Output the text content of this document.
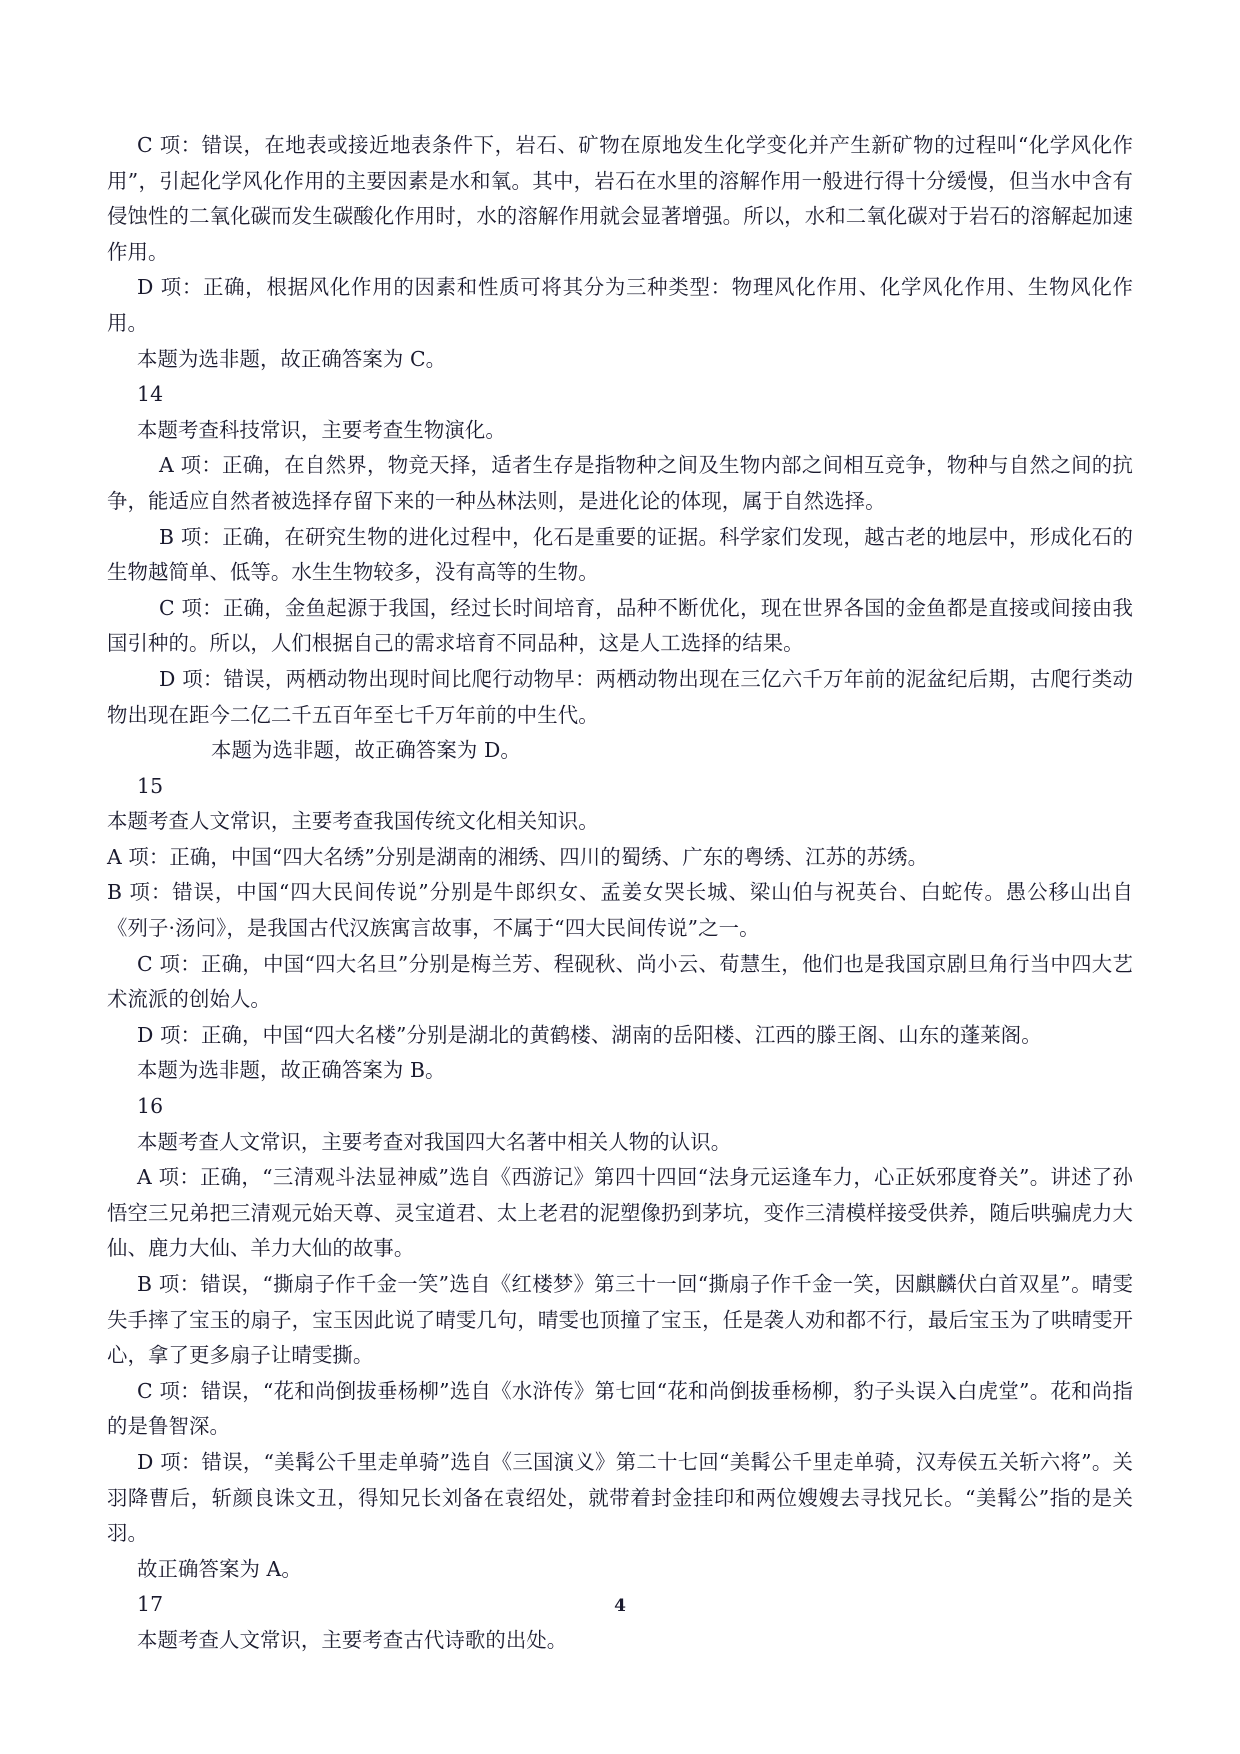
C 项：错误，在地表或接近地表条件下，岩石、矿物在原地发生化学变化并产生新矿物的过程叫“化学风化作用”，引起化学风化作用的主要因素是水和氧。其中，岩石在水里的溶解作用一般进行得十分缓慢，但当水中含有侵蚀性的二氧化碳而发生碳酸化作用时，水的溶解作用就会显著增强。所以，水和二氧化碳对于岩石的溶解起加速作用。

D 项：正确，根据风化作用的因素和性质可将其分为三种类型：物理风化作用、化学风化作用、生物风化作用。

本题为选非题，故正确答案为 C。

14

本题考查科技常识，主要考查生物演化。

A 项：正确，在自然界，物竞天择，适者生存是指物种之间及生物内部之间相互竞争，物种与自然之间的抗争，能适应自然者被选择存留下来的一种丛林法则，是进化论的体现，属于自然选择。

B 项：正确，在研究生物的进化过程中，化石是重要的证据。科学家们发现，越古老的地层中，形成化石的生物越简单、低等。水生生物较多，没有高等的生物。

C 项：正确，金鱼起源于我国，经过长时间培育，品种不断优化，现在世界各国的金鱼都是直接或间接由我国引种的。所以，人们根据自己的需求培育不同品种，这是人工选择的结果。

D 项：错误，两栖动物出现时间比爬行动物早：两栖动物出现在三亿六千万年前的泥盆纪后期，古爬行类动物出现在距今二亿二千五百年至七千万年前的中生代。

本题为选非题，故正确答案为 D。

15

本题考查人文常识，主要考查我国传统文化相关知识。

A 项：正确，中国“四大名绣”分别是湖南的湘绣、四川的蜀绣、广东的粤绣、江苏的苏绣。

B 项：错误，中国“四大民间传说”分别是牛郎织女、孟姜女哭长城、梁山伯与祝英台、白蛇传。愚公移山出自《列子·汤问》，是我国古代汉族寓言故事，不属于“四大民间传说”之一。

C 项：正确，中国“四大名旦”分别是梅兰芳、程砚秋、尚小云、荀慧生，他们也是我国京剧旦角行当中四大艺术流派的创始人。

D 项：正确，中国“四大名楼”分别是湖北的黄鹤楼、湖南的岳阳楼、江西的滕王阁、山东的蓬莱阁。

本题为选非题，故正确答案为 B。

16

本题考查人文常识，主要考查对我国四大名著中相关人物的认识。

A 项：正确，“三清观斗法显神威”选自《西游记》第四十四回“法身元运逢车力，心正妖邪度脊关”。讲述了孙悟空三兄弟把三清观元始天尊、灵宝道君、太上老君的泥塑像扔到茅坑，变作三清模样接受供养，随后哄骗虎力大仙、鹿力大仙、羊力大仙的故事。

B 项：错误，“撕扇子作千金一笑”选自《红楼梦》第三十一回“撕扇子作千金一笑，因麒麟伏白首双星”。晴雯失手摔了宝玉的扇子，宝玉因此说了晴雯几句，晴雯也顶撞了宝玉，任是袭人劝和都不行，最后宝玉为了哄晴雯开心，拿了更多扇子让晴雯撕。

C 项：错误，“花和尚倒拔垂杨柳”选自《水浒传》第七回“花和尚倒拔垂杨柳，豹子头误入白虎堂”。花和尚指的是鲁智深。

D 项：错误，“美髯公千里走单骑”选自《三国演义》第二十七回“美髯公千里走单骑，汉寿侯五关斩六将”。关羽降曹后，斩颜良诛文丑，得知兄长刘备在袁绍处，就带着封金挂印和两位嫂嫂去寻找兄长。“美髯公”指的是关羽。

故正确答案为 A。

17

本题考查人文常识，主要考查古代诗歌的出处。

4
